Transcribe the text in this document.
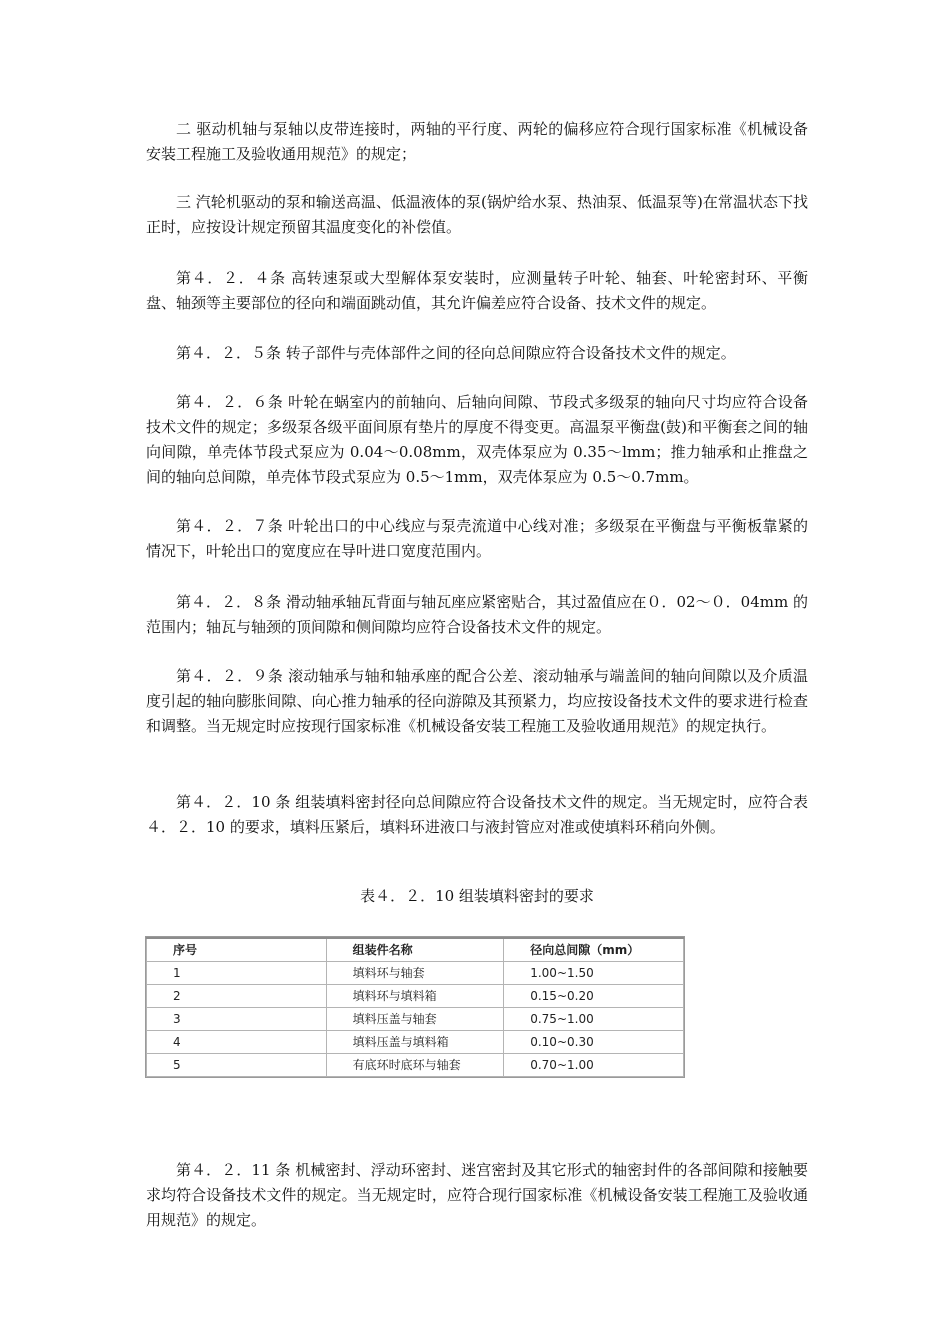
二 驱动机轴与泵轴以皮带连接时，两轴的平行度、两轮的偏移应符合现行国家标准《机械设备安装工程施工及验收通用规范》的规定；

三 汽轮机驱动的泵和输送高温、低温液体的泵(锅炉给水泵、热油泵、低温泵等)在常温状态下找正时，应按设计规定预留其温度变化的补偿值。

第４．２．４条 高转速泵或大型解体泵安装时，应测量转子叶轮、轴套、叶轮密封环、平衡盘、轴颈等主要部位的径向和端面跳动值，其允许偏差应符合设备、技术文件的规定。

第４．２．５条 转子部件与壳体部件之间的径向总间隙应符合设备技术文件的规定。

第４．２．６条 叶轮在蜗室内的前轴向、后轴向间隙、节段式多级泵的轴向尺寸均应符合设备技术文件的规定；多级泵各级平面间原有垫片的厚度不得变更。高温泵平衡盘(鼓)和平衡套之间的轴向间隙，单壳体节段式泵应为 0.04～0.08mm，双壳体泵应为 0.35～lmm；推力轴承和止推盘之间的轴向总间隙，单壳体节段式泵应为 0.5～1mm，双壳体泵应为 0.5～0.7mm。

第４．２．７条 叶轮出口的中心线应与泵壳流道中心线对准；多级泵在平衡盘与平衡板靠紧的情况下，叶轮出口的宽度应在导叶进口宽度范围内。

第４．２．８条 滑动轴承轴瓦背面与轴瓦座应紧密贴合，其过盈值应在０．02～０．04mm 的范围内；轴瓦与轴颈的顶间隙和侧间隙均应符合设备技术文件的规定。

第４．２．９条 滚动轴承与轴和轴承座的配合公差、滚动轴承与端盖间的轴向间隙以及介质温度引起的轴向膨胀间隙、向心推力轴承的径向游隙及其预紧力，均应按设备技术文件的要求进行检查和调整。当无规定时应按现行国家标准《机械设备安装工程施工及验收通用规范》的规定执行。

第４．２．10 条 组装填料密封径向总间隙应符合设备技术文件的规定。当无规定时，应符合表４．２．10 的要求，填料压紧后，填料环进液口与液封管应对准或使填料环稍向外侧。

表４．２．10 组装填料密封的要求

序号	组装件名称	径向总间隙（mm）
1	填料环与轴套	1.00~1.50
2	填料环与填料箱	0.15~0.20
3	填料压盖与轴套	0.75~1.00
4	填料压盖与填料箱	0.10~0.30
5	有底环时底环与轴套	0.70~1.00

第４．２．11 条 机械密封、浮动环密封、迷宫密封及其它形式的轴密封件的各部间隙和接触要求均符合设备技术文件的规定。当无规定时，应符合现行国家标准《机械设备安装工程施工及验收通用规范》的规定。
